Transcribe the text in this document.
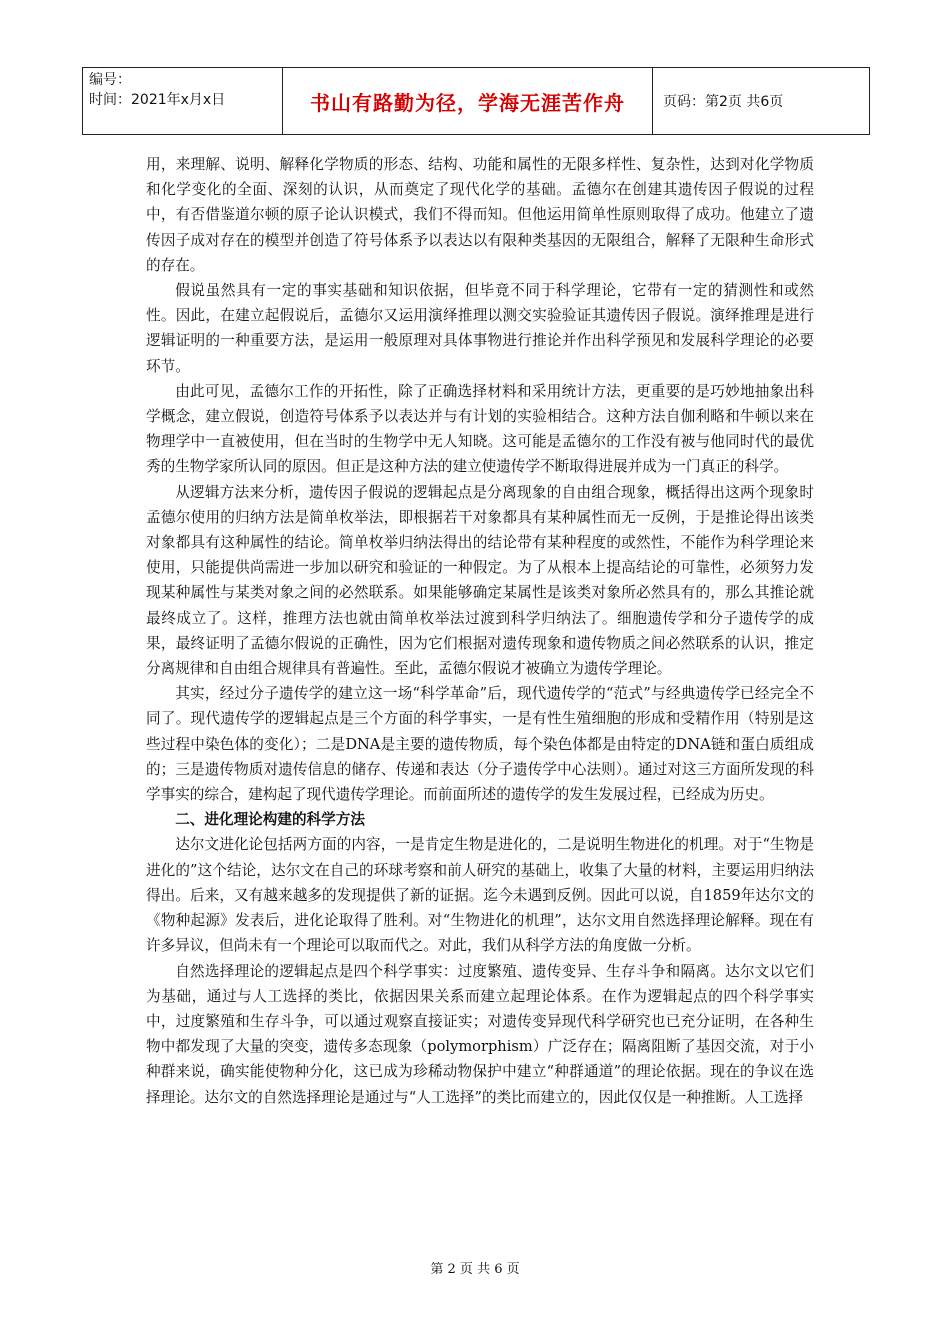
编号：
时间：2021年x月x日	书山有路勤为径，学海无涯苦作舟	页码：第2页 共6页

用，来理解、说明、解释化学物质的形态、结构、功能和属性的无限多样性、复杂性，达到对化学物质和化学变化的全面、深刻的认识，从而奠定了现代化学的基础。孟德尔在创建其遗传因子假说的过程中，有否借鉴道尔顿的原子论认识模式，我们不得而知。但他运用简单性原则取得了成功。他建立了遗传因子成对存在的模型并创造了符号体系予以表达以有限种类基因的无限组合，解释了无限种生命形式的存在。

假说虽然具有一定的事实基础和知识依据，但毕竟不同于科学理论，它带有一定的猜测性和或然性。因此，在建立起假说后，孟德尔又运用演绎推理以测交实验验证其遗传因子假说。演绎推理是进行逻辑证明的一种重要方法，是运用一般原理对具体事物进行推论并作出科学预见和发展科学理论的必要环节。

由此可见，孟德尔工作的开拓性，除了正确选择材料和采用统计方法，更重要的是巧妙地抽象出科学概念，建立假说，创造符号体系予以表达并与有计划的实验相结合。这种方法自伽利略和牛顿以来在物理学中一直被使用，但在当时的生物学中无人知晓。这可能是孟德尔的工作没有被与他同时代的最优秀的生物学家所认同的原因。但正是这种方法的建立使遗传学不断取得进展并成为一门真正的科学。

从逻辑方法来分析，遗传因子假说的逻辑起点是分离现象的自由组合现象，概括得出这两个现象时孟德尔使用的归纳方法是简单枚举法，即根据若干对象都具有某种属性而无一反例，于是推论得出该类对象都具有这种属性的结论。简单枚举归纳法得出的结论带有某种程度的或然性，不能作为科学理论来使用，只能提供尚需进一步加以研究和验证的一种假定。为了从根本上提高结论的可靠性，必须努力发现某种属性与某类对象之间的必然联系。如果能够确定某属性是该类对象所必然具有的，那么其推论就最终成立了。这样，推理方法也就由简单枚举法过渡到科学归纳法了。细胞遗传学和分子遗传学的成果，最终证明了孟德尔假说的正确性，因为它们根据对遗传现象和遗传物质之间必然联系的认识，推定分离规律和自由组合规律具有普遍性。至此，孟德尔假说才被确立为遗传学理论。

其实，经过分子遗传学的建立这一场“科学革命”后，现代遗传学的“范式”与经典遗传学已经完全不同了。现代遗传学的逻辑起点是三个方面的科学事实，一是有性生殖细胞的形成和受精作用（特别是这些过程中染色体的变化）；二是DNA是主要的遗传物质，每个染色体都是由特定的DNA链和蛋白质组成的；三是遗传物质对遗传信息的储存、传递和表达（分子遗传学中心法则）。通过对这三方面所发现的科学事实的综合，建构起了现代遗传学理论。而前面所述的遗传学的发生发展过程，已经成为历史。

二、进化理论构建的科学方法

达尔文进化论包括两方面的内容，一是肯定生物是进化的，二是说明生物进化的机理。对于“生物是进化的”这个结论，达尔文在自己的环球考察和前人研究的基础上，收集了大量的材料，主要运用归纳法得出。后来，又有越来越多的发现提供了新的证据。迄今未遇到反例。因此可以说，自1859年达尔文的《物种起源》发表后，进化论取得了胜利。对“生物进化的机理”，达尔文用自然选择理论解释。现在有许多异议，但尚未有一个理论可以取而代之。对此，我们从科学方法的角度做一分析。

自然选择理论的逻辑起点是四个科学事实：过度繁殖、遗传变异、生存斗争和隔离。达尔文以它们为基础，通过与人工选择的类比，依据因果关系而建立起理论体系。在作为逻辑起点的四个科学事实中，过度繁殖和生存斗争，可以通过观察直接证实；对遗传变异现代科学研究也已充分证明，在各种生物中都发现了大量的突变，遗传多态现象（polymorphism）广泛存在；隔离阻断了基因交流，对于小种群来说，确实能使物种分化，这已成为珍稀动物保护中建立“种群通道”的理论依据。现在的争议在选择理论。达尔文的自然选择理论是通过与“人工选择”的类比而建立的，因此仅仅是一种推断。人工选择

第 2 页 共 6 页
